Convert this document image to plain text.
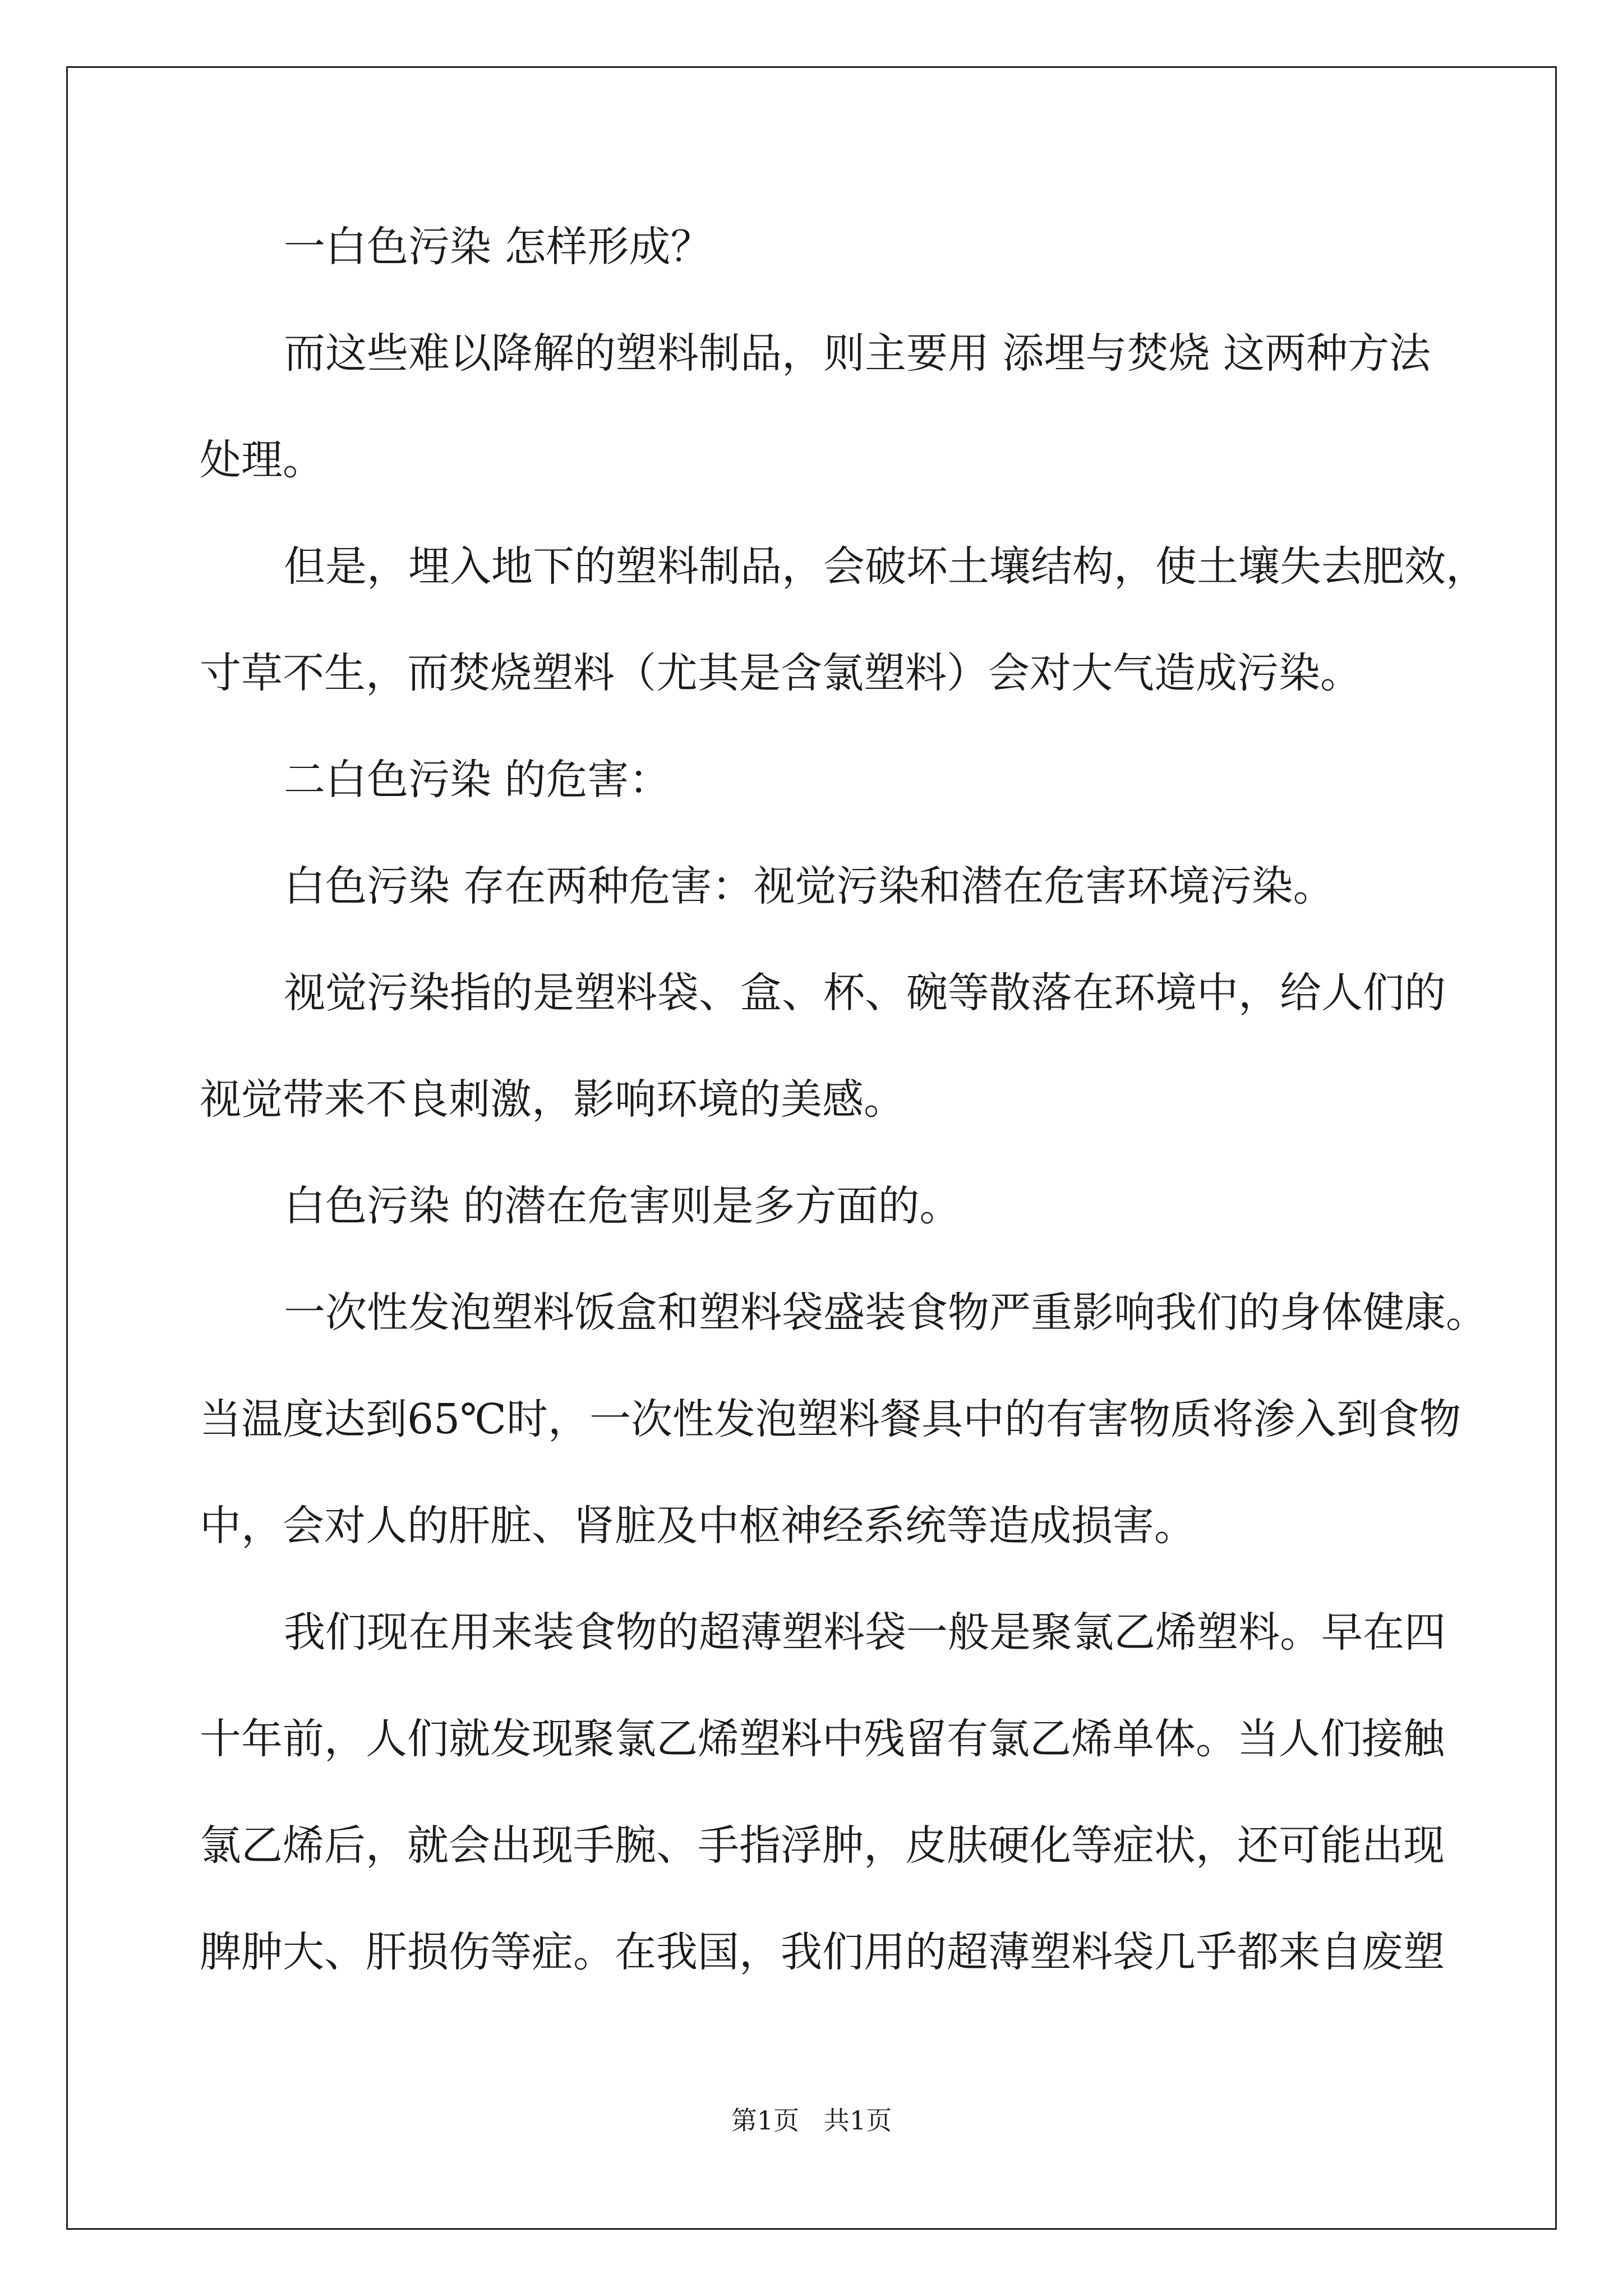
一白色污染 怎样形成？
而这些难以降解的塑料制品，则主要用 添埋与焚烧 这两种方法
处理。
但是，埋入地下的塑料制品，会破坏土壤结构，使土壤失去肥效，
寸草不生，而焚烧塑料（尤其是含氯塑料）会对大气造成污染。
二白色污染 的危害：
白色污染 存在两种危害：视觉污染和潜在危害环境污染。
视觉污染指的是塑料袋、盒、杯、碗等散落在环境中，给人们的
视觉带来不良刺激，影响环境的美感。
白色污染 的潜在危害则是多方面的。
一次性发泡塑料饭盒和塑料袋盛装食物严重影响我们的身体健康。
当温度达到65℃时，一次性发泡塑料餐具中的有害物质将渗入到食物
中，会对人的肝脏、肾脏及中枢神经系统等造成损害。
我们现在用来装食物的超薄塑料袋一般是聚氯乙烯塑料。早在四
十年前，人们就发现聚氯乙烯塑料中残留有氯乙烯单体。当人们接触
氯乙烯后，就会出现手腕、手指浮肿，皮肤硬化等症状，还可能出现
脾肿大、肝损伤等症。在我国，我们用的超薄塑料袋几乎都来自废塑
第1页   共1页
